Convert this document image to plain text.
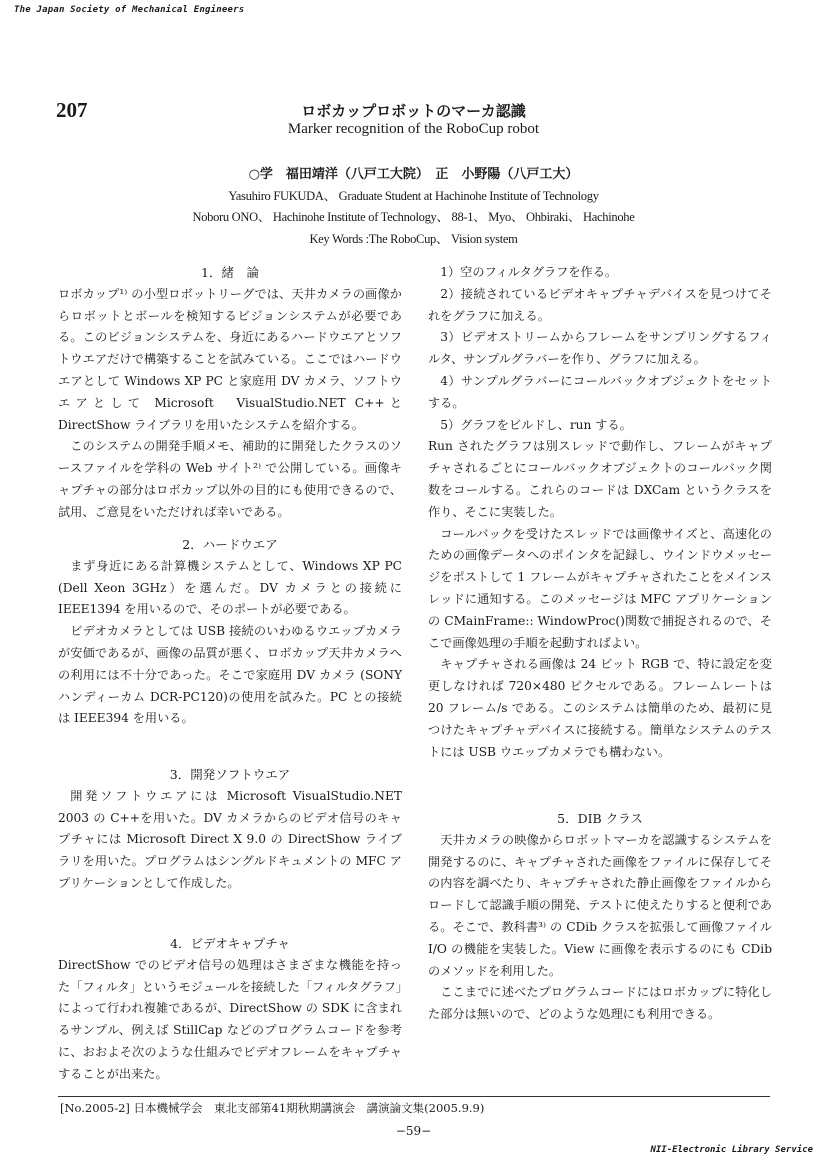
The Japan Society of Mechanical Engineers
207	ロボカップロボットのマーカ認識
Marker recognition of the RoboCup robot
○学　福田靖洋（八戸工大院）　正　小野陽（八戸工大）
Yasuhiro FUKUDA、 Graduate Student at Hachinohe Institute of Technology
Noboru ONO、 Hachinohe Institute of Technology、 88-1、 Myo、 Ohbiraki、 Hachinohe
Key Words :The RoboCup、 Vision system
1．緒　論

ロボカップ¹⁾ の小型ロボットリーグでは、天井カメラの画像からロボットとボールを検知するビジョンシステムが必要である。このビジョンシステムを、身近にあるハードウエアとソフトウエアだけで構築することを試みている。ここではハードウエアとして Windows XP PC と家庭用 DV カメラ、ソフトウエアとして Microsoft　VisualStudio.NET C++と DirectShow ライブラリを用いたシステムを紹介する。

このシステムの開発手順メモ、補助的に開発したクラスのソースファイルを学科の Web サイト²⁾ で公開している。画像キャプチャの部分はロボカップ以外の目的にも使用できるので、試用、ご意見をいただければ幸いである。

2．ハードウエア

まず身近にある計算機システムとして、Windows XP PC (Dell Xeon 3GHz）を選んだ。DV カメラとの接続に IEEE1394 を用いるので、そのポートが必要である。

ビデオカメラとしては USB 接続のいわゆるウエップカメラが安価であるが、画像の品質が悪く、ロボカップ天井カメラへの利用には不十分であった。そこで家庭用 DV カメラ (SONY ハンディーカム DCR-PC120)の使用を試みた。PC との接続は IEEE394 を用いる。

3．開発ソフトウエア

開発ソフトウエアには Microsoft VisualStudio.NET 2003 の C++を用いた。DV カメラからのビデオ信号のキャプチャには Microsoft Direct X 9.0 の DirectShow ライブラリを用いた。プログラムはシングルドキュメントの MFC アプリケーションとして作成した。

4．ビデオキャプチャ

DirectShow でのビデオ信号の処理はさまざまな機能を持った「フィルタ」というモジュールを接続した「フィルタグラフ」によって行われ複雑であるが、DirectShow の SDK に含まれるサンプル、例えば StillCap などのプログラムコードを参考に、おおよそ次のような仕組みでビデオフレームをキャプチャすることが出来た。

1）空のフィルタグラフを作る。

2）接続されているビデオキャプチャデバイスを見つけてそれをグラフに加える。

3）ビデオストリームからフレームをサンプリングするフィルタ、サンプルグラバーを作り、グラフに加える。

4）サンプルグラバーにコールバックオブジェクトをセットする。

5）グラフをビルドし、run する。

Run されたグラフは別スレッドで動作し、フレームがキャプチャされるごとにコールバックオブジェクトのコールバック関数をコールする。これらのコードは DXCam というクラスを作り、そこに実装した。

コールバックを受けたスレッドでは画像サイズと、高速化のための画像データへのポインタを記録し、ウインドウメッセージをポストして 1 フレームがキャプチャされたことをメインスレッドに通知する。このメッセージは MFC アプリケーションの CMainFrame:: WindowProc()関数で捕捉されるので、そこで画像処理の手順を起動すればよい。

キャプチャされる画像は 24 ビット RGB で、特に設定を変更しなければ 720×480 ピクセルである。フレームレートは 20 フレーム/s である。このシステムは簡単のため、最初に見つけたキャプチャデバイスに接続する。簡単なシステムのテストには USB ウエップカメラでも構わない。

5．DIB クラス

天井カメラの映像からロボットマーカを認識するシステムを開発するのに、キャプチャされた画像をファイルに保存してその内容を調べたり、キャプチャされた静止画像をファイルからロードして認識手順の開発、テストに使えたりすると便利である。そこで、教科書³⁾ の CDib クラスを拡張して画像ファイル I/O の機能を実装した。View に画像を表示するのにも CDib のメソッドを利用した。

ここまでに述べたプログラムコードにはロボカップに特化した部分は無いので、どのような処理にも利用できる。

[No.2005-2] 日本機械学会　東北支部第41期秋期講演会　講演論文集(2005.9.9)
−59−
NII-Electronic Library Service
